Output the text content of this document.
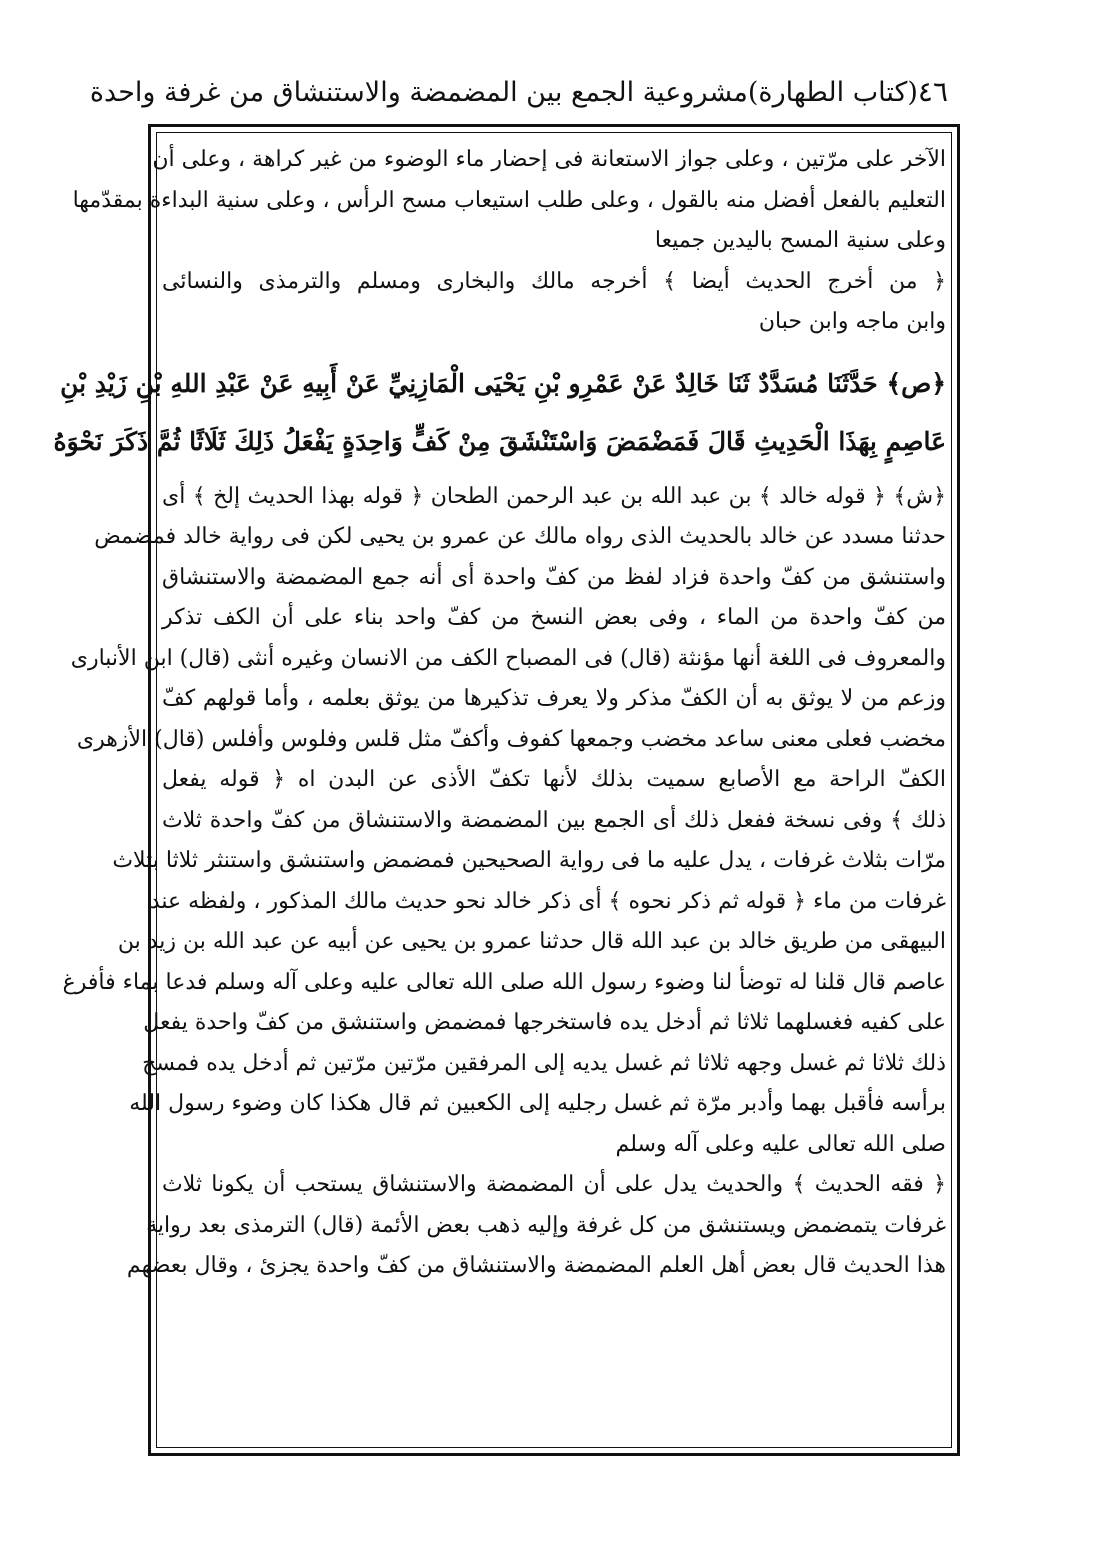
٤٦
(كتاب الطهارة)
مشروعية الجمع بين المضمضة والاستنشاق من غرفة واحدة
الآخر على مرّتين ، وعلى جواز الاستعانة فى إحضار ماء الوضوء من غير كراهة ، وعلى أن
التعليم بالفعل أفضل منه بالقول ، وعلى طلب استيعاب مسح الرأس ، وعلى سنية البداءة بمقدّمها
وعلى سنية المسح باليدين جميعا
﴿ من أخرج الحديث أيضا ﴾ أخرجه مالك والبخارى ومسلم والترمذى والنسائى
وابن ماجه وابن حبان
﴿ص﴾ حَدَّثَنَا مُسَدَّدٌ ثَنَا خَالِدٌ عَنْ عَمْرِو بْنِ يَحْيَى الْمَازِنِيِّ عَنْ أَبِيهِ عَنْ عَبْدِ اللهِ بْنِ زَيْدِ بْنِ
عَاصِمٍ بِهَذَا الْحَدِيثِ قَالَ فَمَضْمَضَ وَاسْتَنْشَقَ مِنْ كَفٍّ وَاحِدَةٍ يَفْعَلُ ذَلِكَ ثَلَاثًا ثُمَّ ذَكَرَ نَحْوَهُ
﴿ش﴾ ﴿ قوله خالد ﴾ بن عبد الله بن عبد الرحمن الطحان ﴿ قوله بهذا الحديث إلخ ﴾ أى
حدثنا مسدد عن خالد بالحديث الذى رواه مالك عن عمرو بن يحيى لكن فى رواية خالد فمضمض
واستنشق من كفّ واحدة فزاد لفظ من كفّ واحدة أى أنه جمع المضمضة والاستنشاق
من كفّ واحدة من الماء ، وفى بعض النسخ من كفّ واحد بناء على أن الكف تذكر
والمعروف فى اللغة أنها مؤنثة (قال) فى المصباح الكف من الانسان وغيره أنثى (قال) ابن الأنبارى
وزعم من لا يوثق به أن الكفّ مذكر ولا يعرف تذكيرها من يوثق بعلمه ، وأما قولهم كفّ
مخضب فعلى معنى ساعد مخضب وجمعها كفوف وأكفّ مثل قلس وفلوس وأفلس (قال) الأزهرى
الكفّ الراحة مع الأصابع سميت بذلك لأنها تكفّ الأذى عن البدن اه ﴿ قوله يفعل
ذلك ﴾ وفى نسخة ففعل ذلك أى الجمع بين المضمضة والاستنشاق من كفّ واحدة ثلاث
مرّات بثلاث غرفات ، يدل عليه ما فى رواية الصحيحين فمضمض واستنشق واستنثر ثلاثا بثلاث
غرفات من ماء ﴿ قوله ثم ذكر نحوه ﴾ أى ذكر خالد نحو حديث مالك المذكور ، ولفظه عند
البيهقى من طريق خالد بن عبد الله قال حدثنا عمرو بن يحيى عن أبيه عن عبد الله بن زيد بن
عاصم قال قلنا له توضأ لنا وضوء رسول الله صلى الله تعالى عليه وعلى آله وسلم فدعا بماء فأفرغ
على كفيه فغسلهما ثلاثا ثم أدخل يده فاستخرجها فمضمض واستنشق من كفّ واحدة يفعل
ذلك ثلاثا ثم غسل وجهه ثلاثا ثم غسل يديه إلى المرفقين مرّتين مرّتين ثم أدخل يده فمسح
برأسه فأقبل بهما وأدبر مرّة ثم غسل رجليه إلى الكعبين ثم قال هكذا كان وضوء رسول الله
صلى الله تعالى عليه وعلى آله وسلم
﴿ فقه الحديث ﴾ والحديث يدل على أن المضمضة والاستنشاق يستحب أن يكونا ثلاث
غرفات يتمضمض ويستنشق من كل غرفة وإليه ذهب بعض الأئمة (قال) الترمذى بعد رواية
هذا الحديث قال بعض أهل العلم المضمضة والاستنشاق من كفّ واحدة يجزئ ، وقال بعضهم
